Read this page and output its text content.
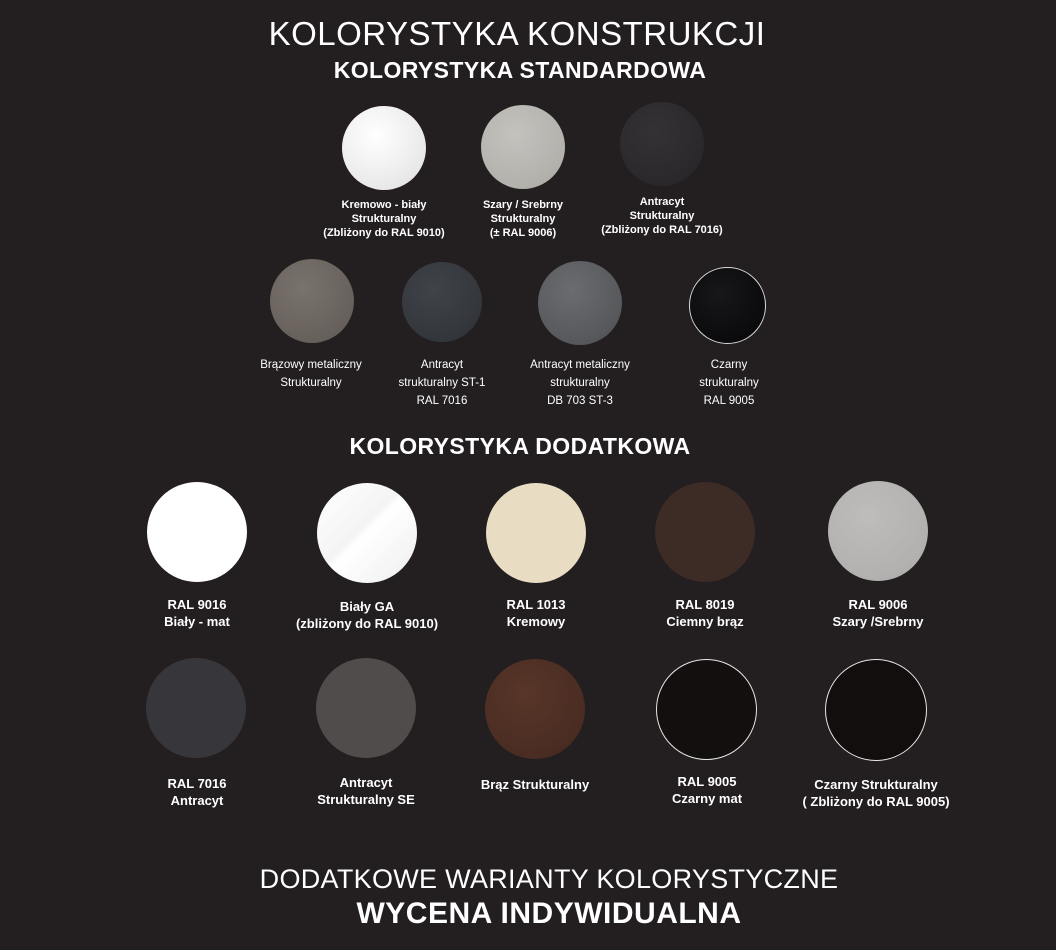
KOLORYSTYKA KONSTRUKCJI
KOLORYSTYKA STANDARDOWA
KOLORYSTYKA DODATKOWA
Kremowo - biały
Strukturalny
(Zbliżony do RAL 9010)
Szary / Srebrny
Strukturalny
(± RAL 9006)
Antracyt
Strukturalny
(Zbliżony do RAL 7016)
Brązowy metaliczny
Strukturalny
Antracyt
strukturalny ST-1
RAL 7016
Antracyt metaliczny
strukturalny
DB 703 ST-3
Czarny
strukturalny
RAL 9005
RAL 9016
Biały - mat
Biały GA
(zbliżony do RAL 9010)
RAL 1013
Kremowy
RAL 8019
Ciemny brąz
RAL 9006
Szary /Srebrny
RAL 7016
Antracyt
Antracyt
Strukturalny SE
Brąz Strukturalny	RAL 9005
Czarny mat
Czarny Strukturalny
( Zbliżony do RAL 9005)
DODATKOWE WARIANTY KOLORYSTYCZNE
WYCENA INDYWIDUALNA
